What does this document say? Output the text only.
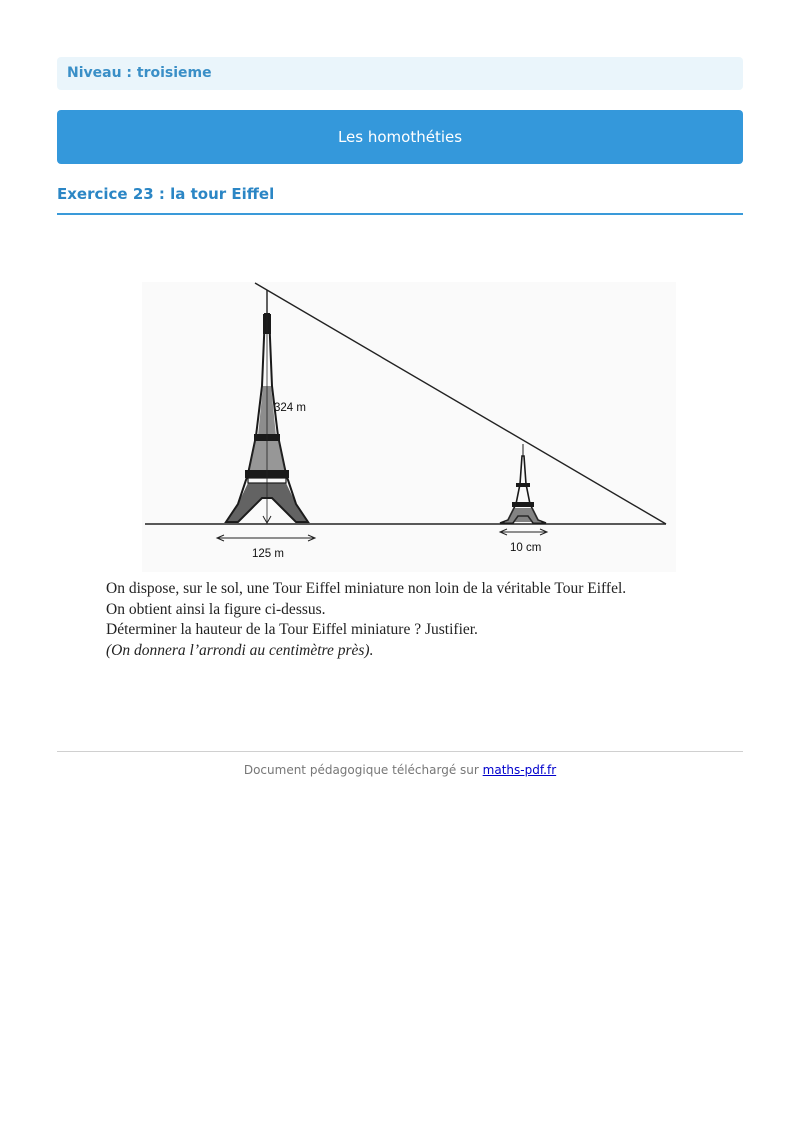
Niveau : troisieme
Les homothéties
Exercice 23 : la tour Eiffel
324 m
125 m	10 cm

On dispose, sur le sol, une Tour Eiffel miniature non loin de la véritable Tour Eiffel.

On obtient ainsi la figure ci-dessus.

Déterminer la hauteur de la Tour Eiffel miniature ? Justifier.

(On donnera l’arrondi au centimètre près).

Document pédagogique téléchargé sur maths-pdf.fr
